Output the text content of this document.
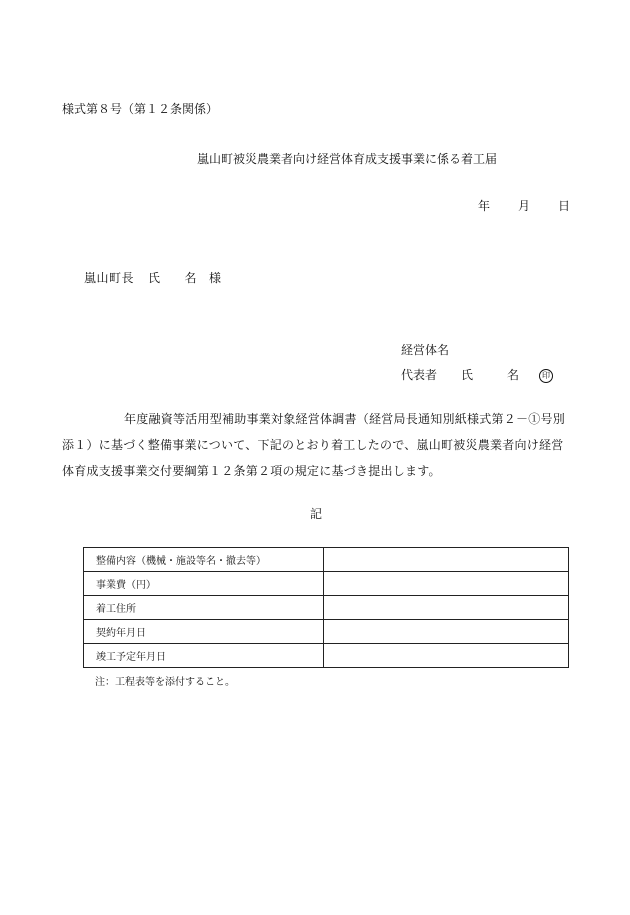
様式第８号（第１２条関係）
嵐山町被災農業者向け経営体育成支援事業に係る着工届
年 月 日
嵐山町長 氏 名 様
経営体名
代表者 氏	名	印
年度融資等活用型補助事業対象経営体調書（経営局長通知別紙様式第２－①号別添１）に基づく整備事業について、下記のとおり着工したので、嵐山町被災農業者向け経営体育成支援事業交付要綱第１２条第２項の規定に基づき提出します。
記
整備内容（機械・施設等名・撤去等）	
事業費（円）	
着工住所	
契約年月日	
竣工予定年月日	
注：工程表等を添付すること。
